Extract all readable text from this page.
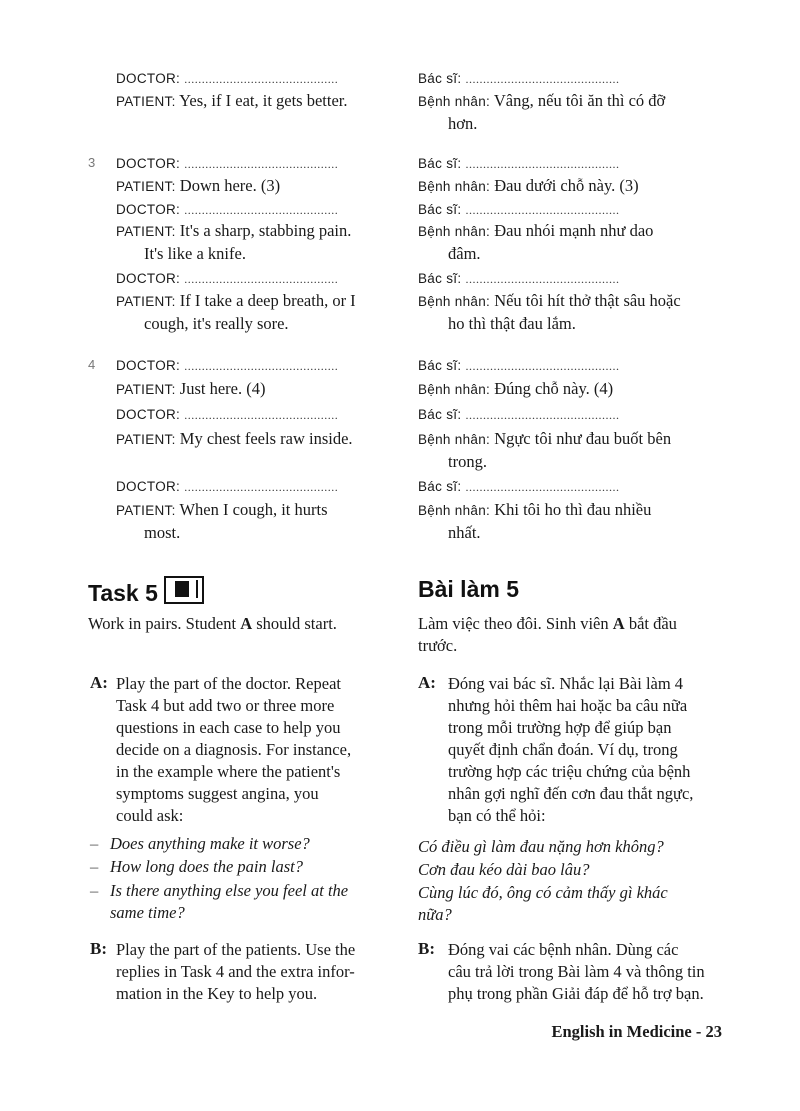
DOCTOR: ............................................
PATIENT: Yes, if I eat, it gets better.
3 DOCTOR: ............................................
PATIENT: Down here. (3)
DOCTOR: ............................................
PATIENT: It's a sharp, stabbing pain.
It's like a knife.
DOCTOR: ............................................
PATIENT: If I take a deep breath, or I
cough, it's really sore.
4 DOCTOR: ............................................
PATIENT: Just here. (4)
DOCTOR: ............................................
PATIENT: My chest feels raw inside.
DOCTOR: ............................................
PATIENT: When I cough, it hurts
most.
Task 5
Work in pairs. Student A should start.
A: Play the part of the doctor. Repeat
Task 4 but add two or three more
questions in each case to help you
decide on a diagnosis. For instance,
in the example where the patient's
symptoms suggest angina, you
could ask:
– Does anything make it worse?
– How long does the pain last?
– Is there anything else you feel at the
same time?
B: Play the part of the patients. Use the
replies in Task 4 and the extra infor-
mation in the Key to help you.
Bác sĩ: ............................................
Bệnh nhân: Vâng, nếu tôi ăn thì có đỡ
hơn.
Bác sĩ: ............................................
Bệnh nhân: Đau dưới chỗ này. (3)
Bác sĩ: ............................................
Bệnh nhân: Đau nhói mạnh như dao
đâm.
Bác sĩ: ............................................
Bệnh nhân: Nếu tôi hít thở thật sâu hoặc
ho thì thật đau lắm.
Bác sĩ: ............................................
Bệnh nhân: Đúng chỗ này. (4)
Bác sĩ: ............................................
Bệnh nhân: Ngực tôi như đau buốt bên
trong.
Bác sĩ: ............................................
Bệnh nhân: Khi tôi ho thì đau nhiều
nhất.
Bài làm 5
Làm việc theo đôi. Sinh viên A bắt đầu
trước.
A: Đóng vai bác sĩ. Nhắc lại Bài làm 4
nhưng hỏi thêm hai hoặc ba câu nữa
trong mỗi trường hợp để giúp bạn
quyết định chẩn đoán. Ví dụ, trong
trường hợp các triệu chứng của bệnh
nhân gợi nghĩ đến cơn đau thắt ngực,
bạn có thể hỏi:
Có điều gì làm đau nặng hơn không?
Cơn đau kéo dài bao lâu?
Cùng lúc đó, ông có cảm thấy gì khác
nữa?
B: Đóng vai các bệnh nhân. Dùng các
câu trả lời trong Bài làm 4 và thông tin
phụ trong phần Giải đáp để hỗ trợ bạn.
English in Medicine - 23
